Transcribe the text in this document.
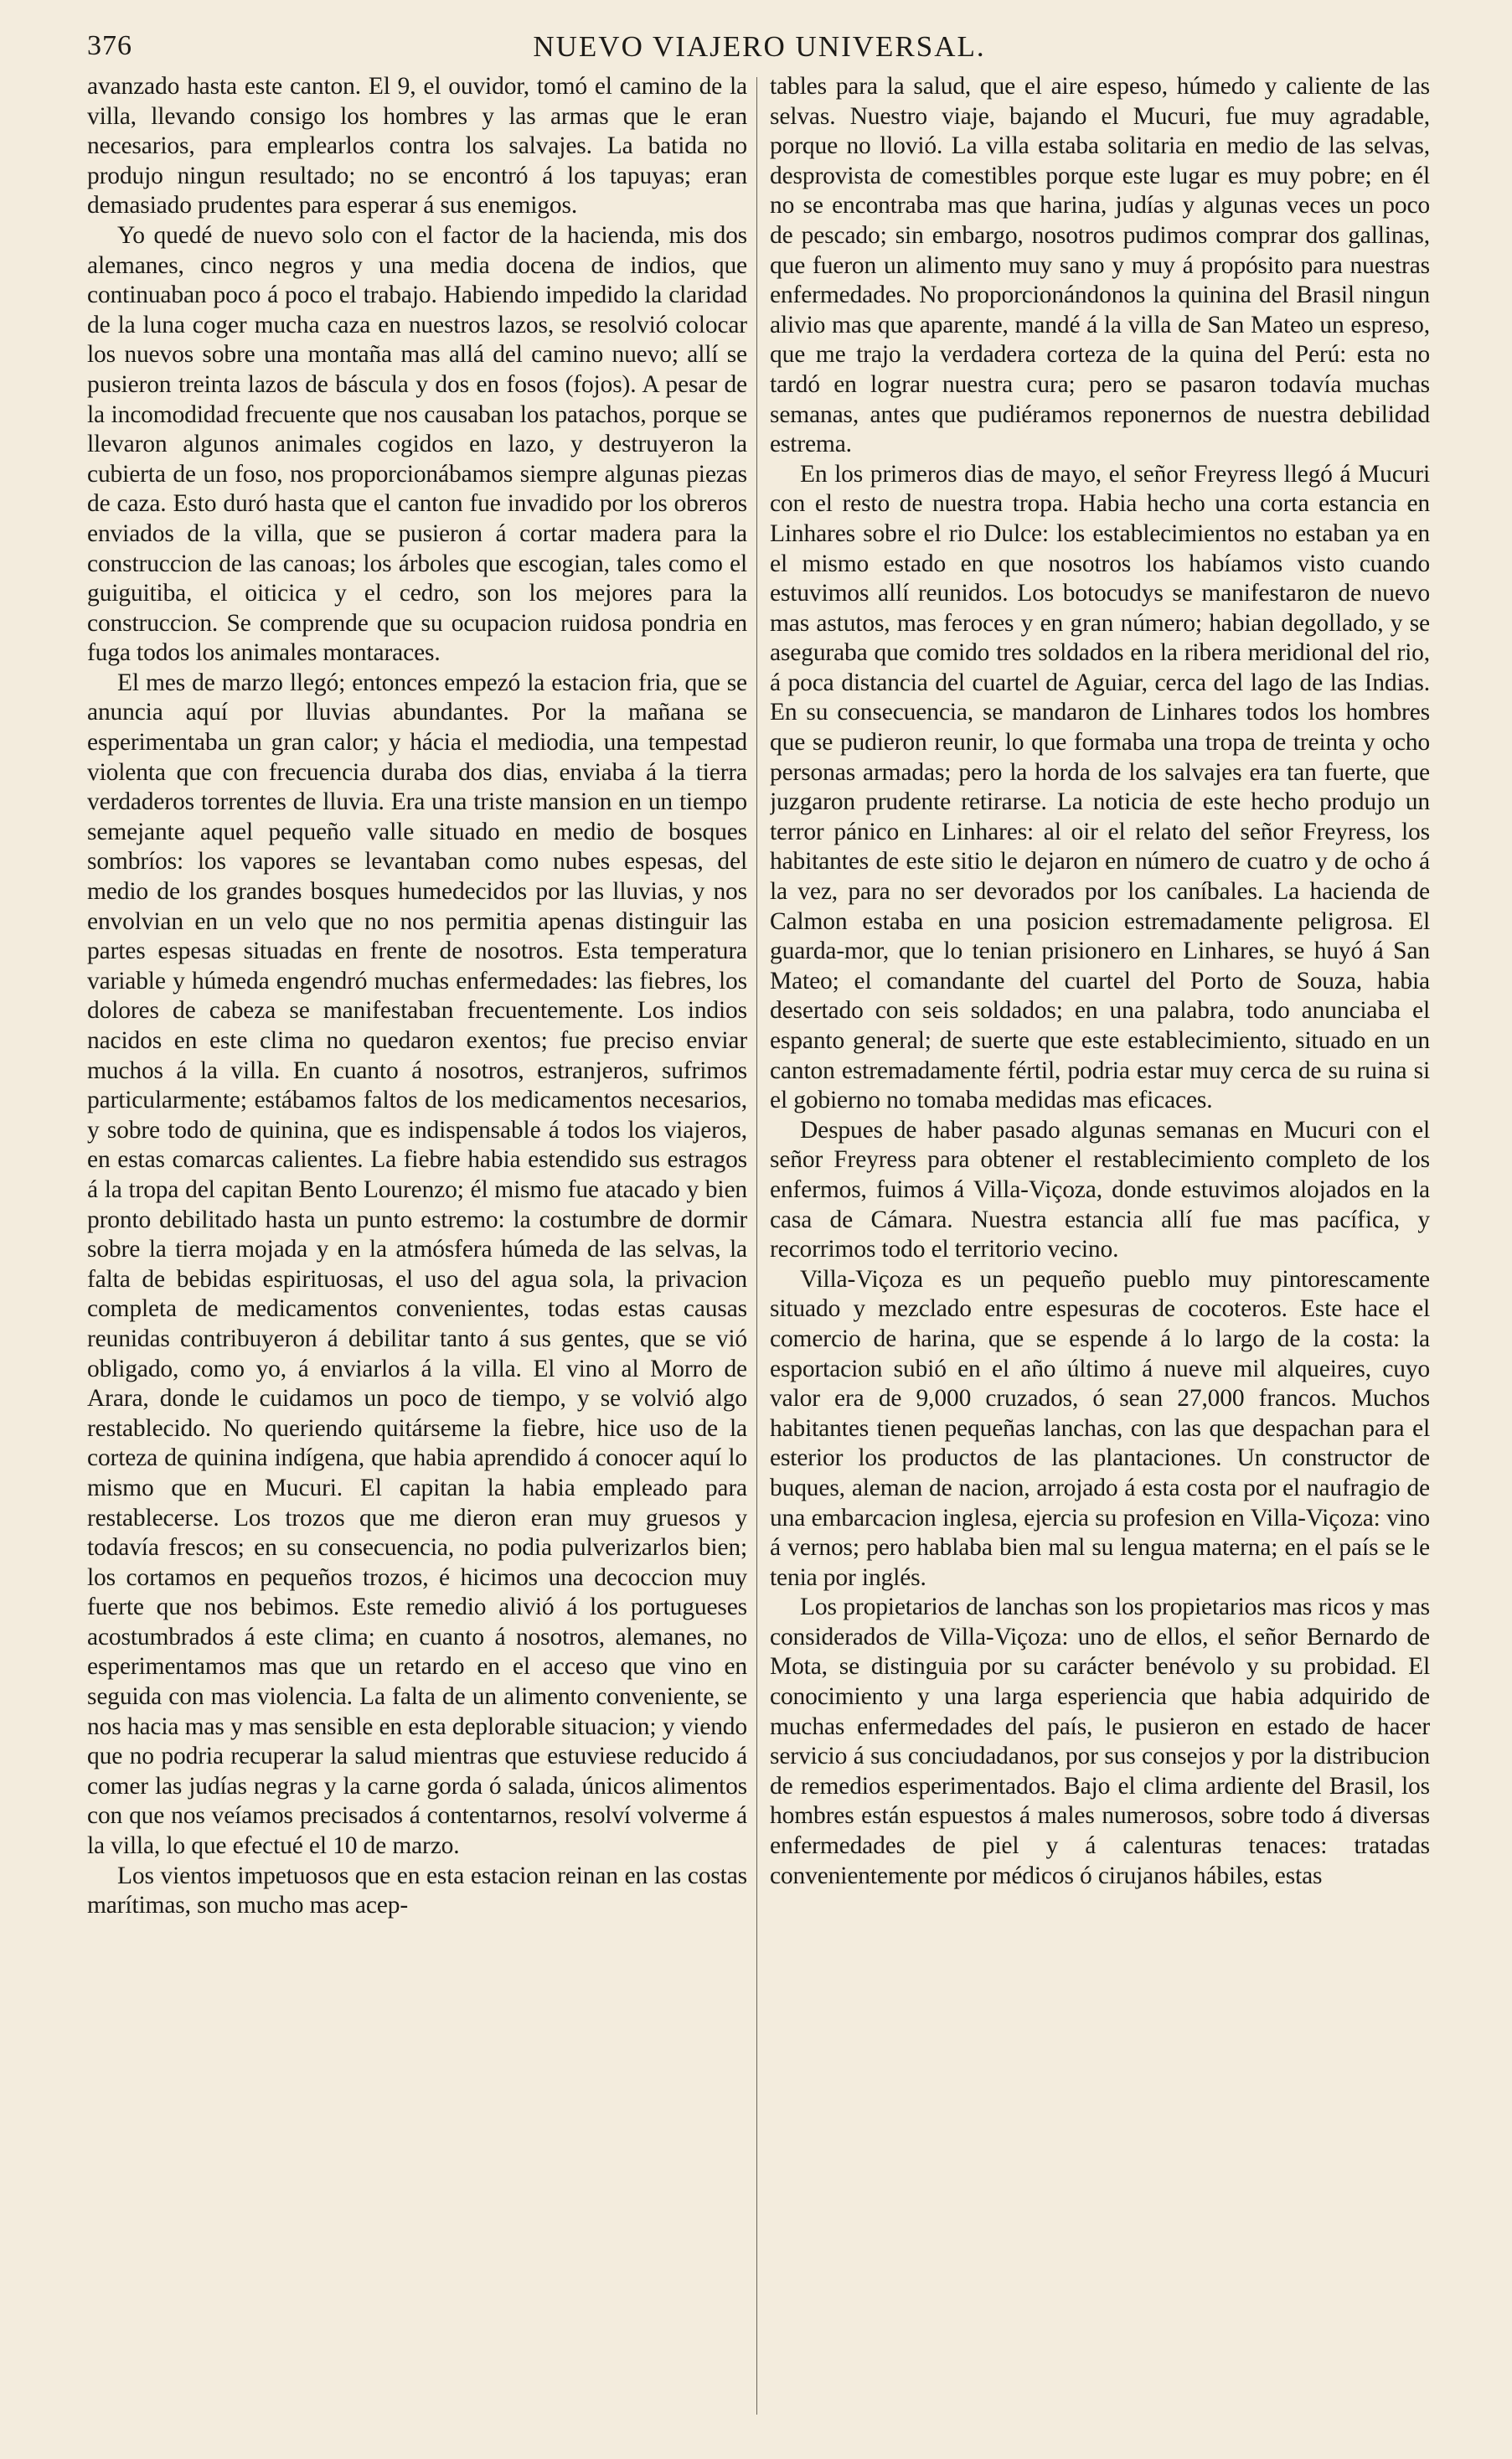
376	NUEVO VIAJERO UNIVERSAL.

avanzado hasta este canton. El 9, el ouvidor, tomó el camino de la villa, llevando consigo los hombres y las armas que le eran necesarios, para emplearlos contra los salvajes. La batida no produjo ningun resultado; no se encontró á los tapuyas; eran demasiado prudentes para esperar á sus enemigos.

Yo quedé de nuevo solo con el factor de la hacienda, mis dos alemanes, cinco negros y una media docena de indios, que continuaban poco á poco el trabajo. Habiendo impedido la claridad de la luna coger mucha caza en nuestros lazos, se resolvió colocar los nuevos sobre una montaña mas allá del camino nuevo; allí se pusieron treinta lazos de báscula y dos en fosos (fojos). A pesar de la incomodidad frecuente que nos causaban los patachos, porque se llevaron algunos animales cogidos en lazo, y destruyeron la cubierta de un foso, nos proporcionábamos siempre algunas piezas de caza. Esto duró hasta que el canton fue invadido por los obreros enviados de la villa, que se pusieron á cortar madera para la construccion de las canoas; los árboles que escogian, tales como el guiguitiba, el oiticica y el cedro, son los mejores para la construccion. Se comprende que su ocupacion ruidosa pondria en fuga todos los animales montaraces.

El mes de marzo llegó; entonces empezó la estacion fria, que se anuncia aquí por lluvias abundantes. Por la mañana se esperimentaba un gran calor; y hácia el mediodia, una tempestad violenta que con frecuencia duraba dos dias, enviaba á la tierra verdaderos torrentes de lluvia. Era una triste mansion en un tiempo semejante aquel pequeño valle situado en medio de bosques sombríos: los vapores se levantaban como nubes espesas, del medio de los grandes bosques humedecidos por las lluvias, y nos envolvian en un velo que no nos permitia apenas distinguir las partes espesas situadas en frente de nosotros. Esta temperatura variable y húmeda engendró muchas enfermedades: las fiebres, los dolores de cabeza se manifestaban frecuentemente. Los indios nacidos en este clima no quedaron exentos; fue preciso enviar muchos á la villa. En cuanto á nosotros, estranjeros, sufrimos particularmente; estábamos faltos de los medicamentos necesarios, y sobre todo de quinina, que es indispensable á todos los viajeros, en estas comarcas calientes. La fiebre habia estendido sus estragos á la tropa del capitan Bento Lourenzo; él mismo fue atacado y bien pronto debilitado hasta un punto estremo: la costumbre de dormir sobre la tierra mojada y en la atmósfera húmeda de las selvas, la falta de bebidas espirituosas, el uso del agua sola, la privacion completa de medicamentos convenientes, todas estas causas reunidas contribuyeron á debilitar tanto á sus gentes, que se vió obligado, como yo, á enviarlos á la villa. El vino al Morro de Arara, donde le cuidamos un poco de tiempo, y se volvió algo restablecido. No queriendo quitárseme la fiebre, hice uso de la corteza de quinina indígena, que habia aprendido á conocer aquí lo mismo que en Mucuri. El capitan la habia empleado para restablecerse. Los trozos que me dieron eran muy gruesos y todavía frescos; en su consecuencia, no podia pulverizarlos bien; los cortamos en pequeños trozos, é hicimos una decoccion muy fuerte que nos bebimos. Este remedio alivió á los portugueses acostumbrados á este clima; en cuanto á nosotros, alemanes, no esperimentamos mas que un retardo en el acceso que vino en seguida con mas violencia. La falta de un alimento conveniente, se nos hacia mas y mas sensible en esta deplorable situacion; y viendo que no podria recuperar la salud mientras que estuviese reducido á comer las judías negras y la carne gorda ó salada, únicos alimentos con que nos veíamos precisados á contentarnos, resolví volverme á la villa, lo que efectué el 10 de marzo.

Los vientos impetuosos que en esta estacion reinan en las costas marítimas, son mucho mas acep-

tables para la salud, que el aire espeso, húmedo y caliente de las selvas. Nuestro viaje, bajando el Mucuri, fue muy agradable, porque no llovió. La villa estaba solitaria en medio de las selvas, desprovista de comestibles porque este lugar es muy pobre; en él no se encontraba mas que harina, judías y algunas veces un poco de pescado; sin embargo, nosotros pudimos comprar dos gallinas, que fueron un alimento muy sano y muy á propósito para nuestras enfermedades. No proporcionándonos la quinina del Brasil ningun alivio mas que aparente, mandé á la villa de San Mateo un espreso, que me trajo la verdadera corteza de la quina del Perú: esta no tardó en lograr nuestra cura; pero se pasaron todavía muchas semanas, antes que pudiéramos reponernos de nuestra debilidad estrema.

En los primeros dias de mayo, el señor Freyress llegó á Mucuri con el resto de nuestra tropa. Habia hecho una corta estancia en Linhares sobre el rio Dulce: los establecimientos no estaban ya en el mismo estado en que nosotros los habíamos visto cuando estuvimos allí reunidos. Los botocudys se manifestaron de nuevo mas astutos, mas feroces y en gran número; habian degollado, y se aseguraba que comido tres soldados en la ribera meridional del rio, á poca distancia del cuartel de Aguiar, cerca del lago de las Indias. En su consecuencia, se mandaron de Linhares todos los hombres que se pudieron reunir, lo que formaba una tropa de treinta y ocho personas armadas; pero la horda de los salvajes era tan fuerte, que juzgaron prudente retirarse. La noticia de este hecho produjo un terror pánico en Linhares: al oir el relato del señor Freyress, los habitantes de este sitio le dejaron en número de cuatro y de ocho á la vez, para no ser devorados por los caníbales. La hacienda de Calmon estaba en una posicion estremadamente peligrosa. El guarda-mor, que lo tenian prisionero en Linhares, se huyó á San Mateo; el comandante del cuartel del Porto de Souza, habia desertado con seis soldados; en una palabra, todo anunciaba el espanto general; de suerte que este establecimiento, situado en un canton estremadamente fértil, podria estar muy cerca de su ruina si el gobierno no tomaba medidas mas eficaces.

Despues de haber pasado algunas semanas en Mucuri con el señor Freyress para obtener el restablecimiento completo de los enfermos, fuimos á Villa-Viçoza, donde estuvimos alojados en la casa de Cámara. Nuestra estancia allí fue mas pacífica, y recorrimos todo el territorio vecino.

Villa-Viçoza es un pequeño pueblo muy pintorescamente situado y mezclado entre espesuras de cocoteros. Este hace el comercio de harina, que se espende á lo largo de la costa: la esportacion subió en el año último á nueve mil alqueires, cuyo valor era de 9,000 cruzados, ó sean 27,000 francos. Muchos habitantes tienen pequeñas lanchas, con las que despachan para el esterior los productos de las plantaciones. Un constructor de buques, aleman de nacion, arrojado á esta costa por el naufragio de una embarcacion inglesa, ejercia su profesion en Villa-Viçoza: vino á vernos; pero hablaba bien mal su lengua materna; en el país se le tenia por inglés.

Los propietarios de lanchas son los propietarios mas ricos y mas considerados de Villa-Viçoza: uno de ellos, el señor Bernardo de Mota, se distinguia por su carácter benévolo y su probidad. El conocimiento y una larga esperiencia que habia adquirido de muchas enfermedades del país, le pusieron en estado de hacer servicio á sus conciudadanos, por sus consejos y por la distribucion de remedios esperimentados. Bajo el clima ardiente del Brasil, los hombres están espuestos á males numerosos, sobre todo á diversas enfermedades de piel y á calenturas tenaces: tratadas convenientemente por médicos ó cirujanos hábiles, estas
